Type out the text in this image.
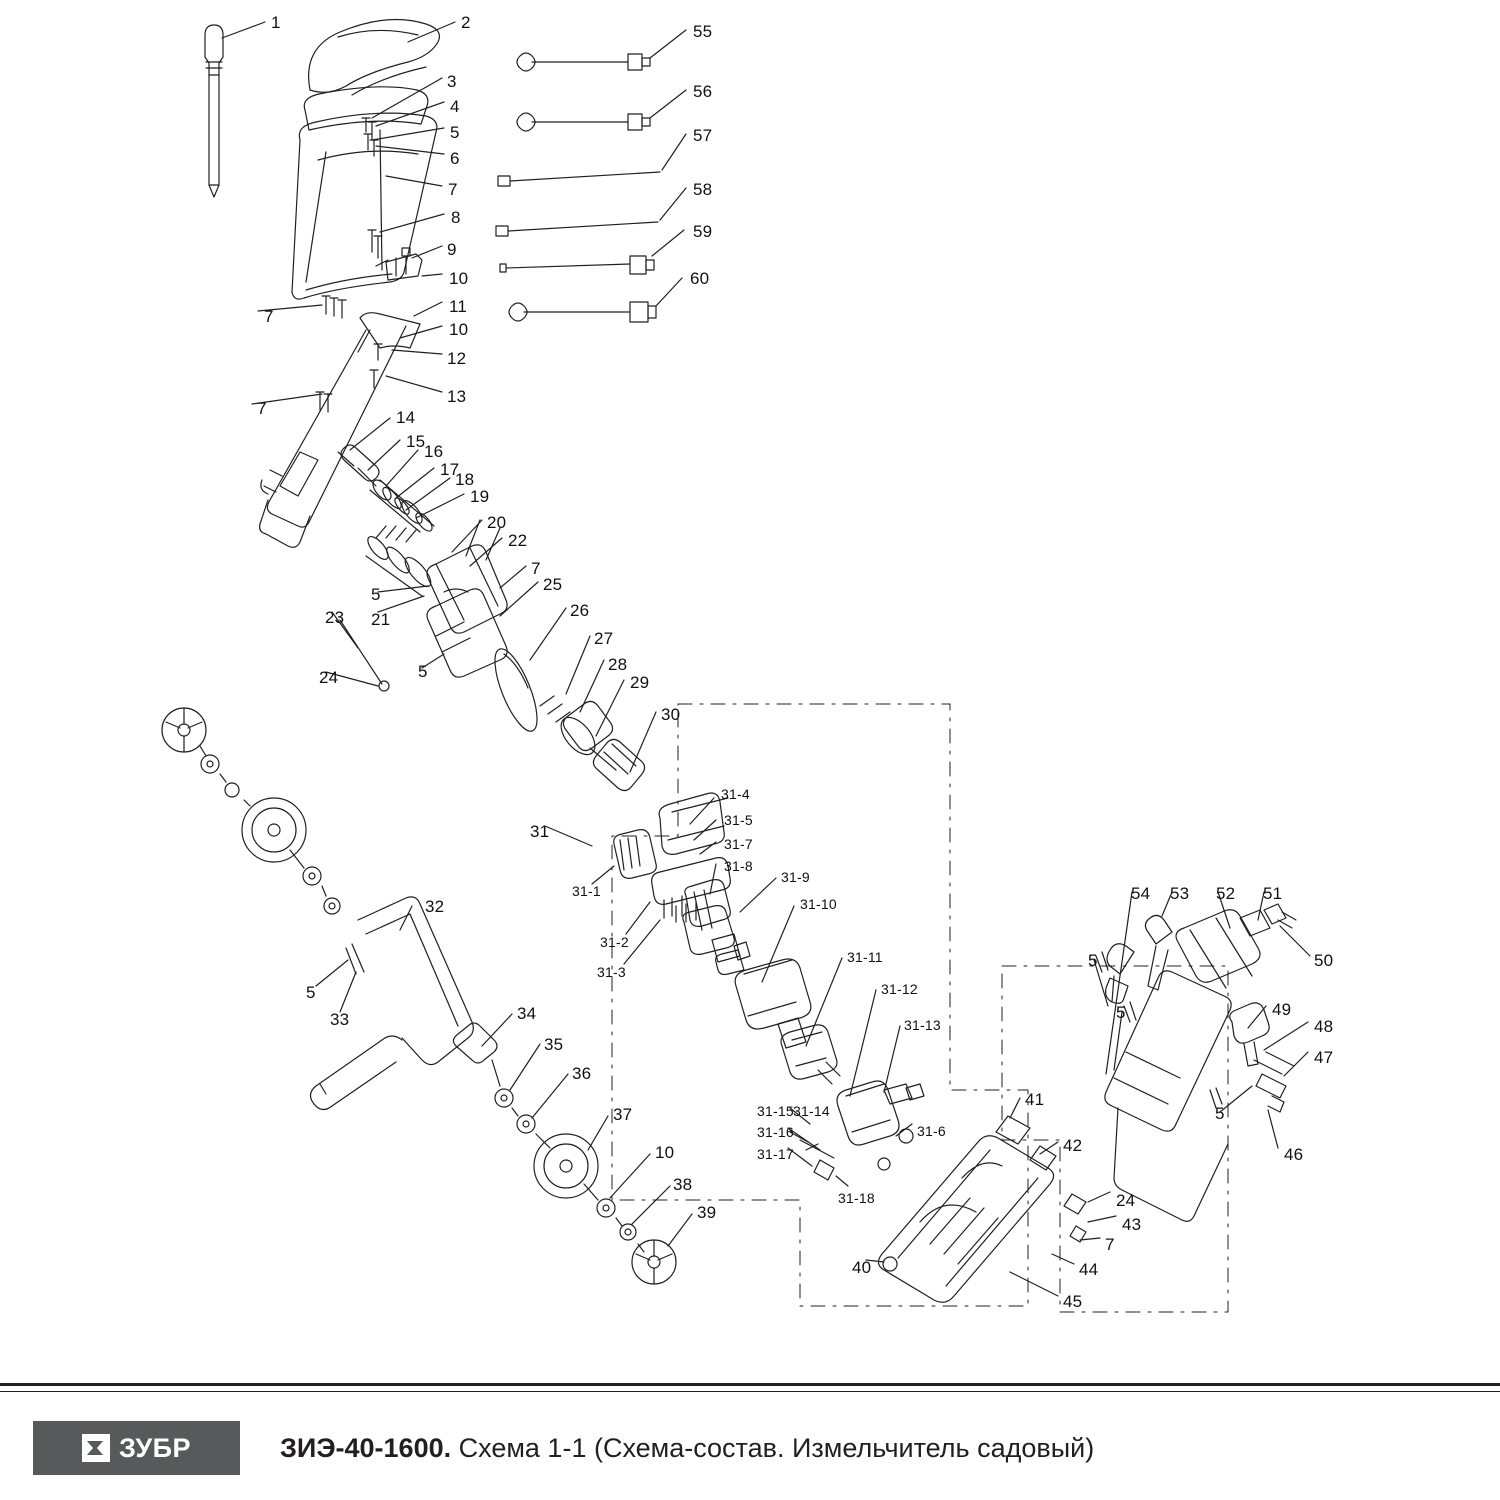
1	2
3
4
5
6
7
8
9
10
7
11
10
12
13
7	14
15
16
17
18
19
20
22
5
21
7
25
23	26
27
24	5	28
29
30
31
31-1
31-2
31-3
31-4
31-5
31-7
31-8
31-9
31-10
31-11
31-12
31-13
31-6
31-15 31-14
31-16
31-17
31-18
32
5
33	34
35
36
37
10
38
39
40
41
42
24
43
7
44
45
54 53 52 51
50
5
5	49
48
47
5
46
55
56
57
58
59
60
ЗУБР	ЗИЭ-40-1600. Схема 1-1 (Схема-состав. Измельчитель садовый)
